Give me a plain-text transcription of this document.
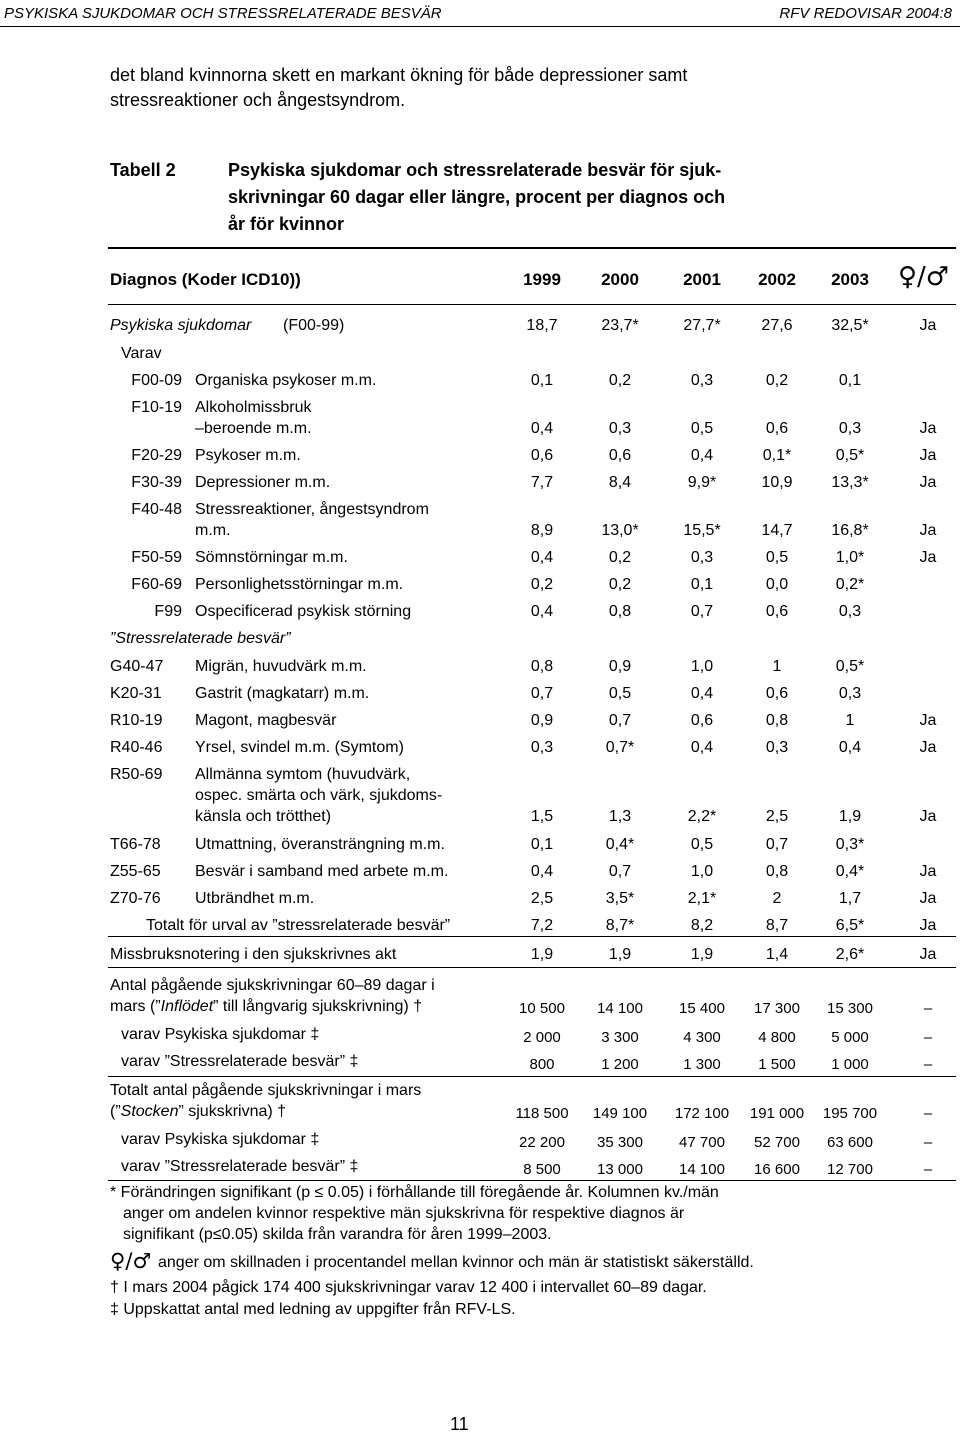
PSYKISKA SJUKDOMAR OCH STRESSRELATERADE BESVÄR	RFV REDOVISAR 2004:8
det bland kvinnorna skett en markant ökning för både depressioner samt
stressreaktioner och ångestsyndrom.
Tabell 2	Psykiska sjukdomar och stressrelaterade besvär för sjuk-
skrivningar 60 dagar eller längre, procent per diagnos och
år för kvinnor
Diagnos (Koder ICD10))	1999	2000	2001	2002	2003	♀/♂
Psykiska sjukdomar (F00-99)	18,7	23,7*	27,7*	27,6	32,5*	Ja
Varav
F00-09 Organiska psykoser m.m.	0,1	0,2	0,3	0,2	0,1
F10-19 Alkoholmissbruk
–beroende m.m.	0,4	0,3	0,5	0,6	0,3	Ja
F20-29 Psykoser m.m.	0,6	0,6	0,4	0,1*	0,5*	Ja
F30-39 Depressioner m.m.	7,7	8,4	9,9*	10,9	13,3*	Ja
F40-48 Stressreaktioner, ångestsyndrom
m.m.	8,9	13,0*	15,5*	14,7	16,8*	Ja
F50-59 Sömnstörningar m.m.	0,4	0,2	0,3	0,5	1,0*	Ja
F60-69 Personlighetsstörningar m.m.	0,2	0,2	0,1	0,0	0,2*
F99 Ospecificerad psykisk störning	0,4	0,8	0,7	0,6	0,3
”Stressrelaterade besvär”
G40-47 Migrän, huvudvärk m.m.	0,8	0,9	1,0	1	0,5*
K20-31 Gastrit (magkatarr) m.m.	0,7	0,5	0,4	0,6	0,3
R10-19 Magont, magbesvär	0,9	0,7	0,6	0,8	1	Ja
R40-46 Yrsel, svindel m.m. (Symtom)	0,3	0,7*	0,4	0,3	0,4	Ja
R50-69 Allmänna symtom (huvudvärk,
ospec. smärta och värk, sjukdoms-
känsla och trötthet)	1,5	1,3	2,2*	2,5	1,9	Ja
T66-78 Utmattning, överansträngning m.m.	0,1	0,4*	0,5	0,7	0,3*
Z55-65 Besvär i samband med arbete m.m.	0,4	0,7	1,0	0,8	0,4*	Ja
Z70-76 Utbrändhet m.m.	2,5	3,5*	2,1*	2	1,7	Ja
Totalt för urval av ”stressrelaterade besvär”	7,2	8,7*	8,2	8,7	6,5*	Ja
Missbruksnotering i den sjukskrivnes akt	1,9	1,9	1,9	1,4	2,6*	Ja
Antal pågående sjukskrivningar 60–89 dagar i
mars (”Inflödet” till långvarig sjukskrivning) †	10 500	14 100	15 400	17 300	15 300	–
varav Psykiska sjukdomar ‡	2 000	3 300	4 300	4 800	5 000	–
varav ”Stressrelaterade besvär” ‡	800	1 200	1 300	1 500	1 000	–
Totalt antal pågående sjukskrivningar i mars
(”Stocken” sjukskrivna) †	118 500	149 100	172 100	191 000	195 700	–
varav Psykiska sjukdomar ‡	22 200	35 300	47 700	52 700	63 600	–
varav ”Stressrelaterade besvär” ‡	8 500	13 000	14 100	16 600	12 700	–
* Förändringen signifikant (p ≤ 0.05) i förhållande till föregående år. Kolumnen kv./män
anger om andelen kvinnor respektive män sjukskrivna för respektive diagnos är
signifikant (p≤0.05) skilda från varandra för åren 1999–2003.
♀/♂ anger om skillnaden i procentandel mellan kvinnor och män är statistiskt säkerställd.
† I mars 2004 pågick 174 400 sjukskrivningar varav 12 400 i intervallet 60–89 dagar.
‡ Uppskattat antal med ledning av uppgifter från RFV-LS.
11
